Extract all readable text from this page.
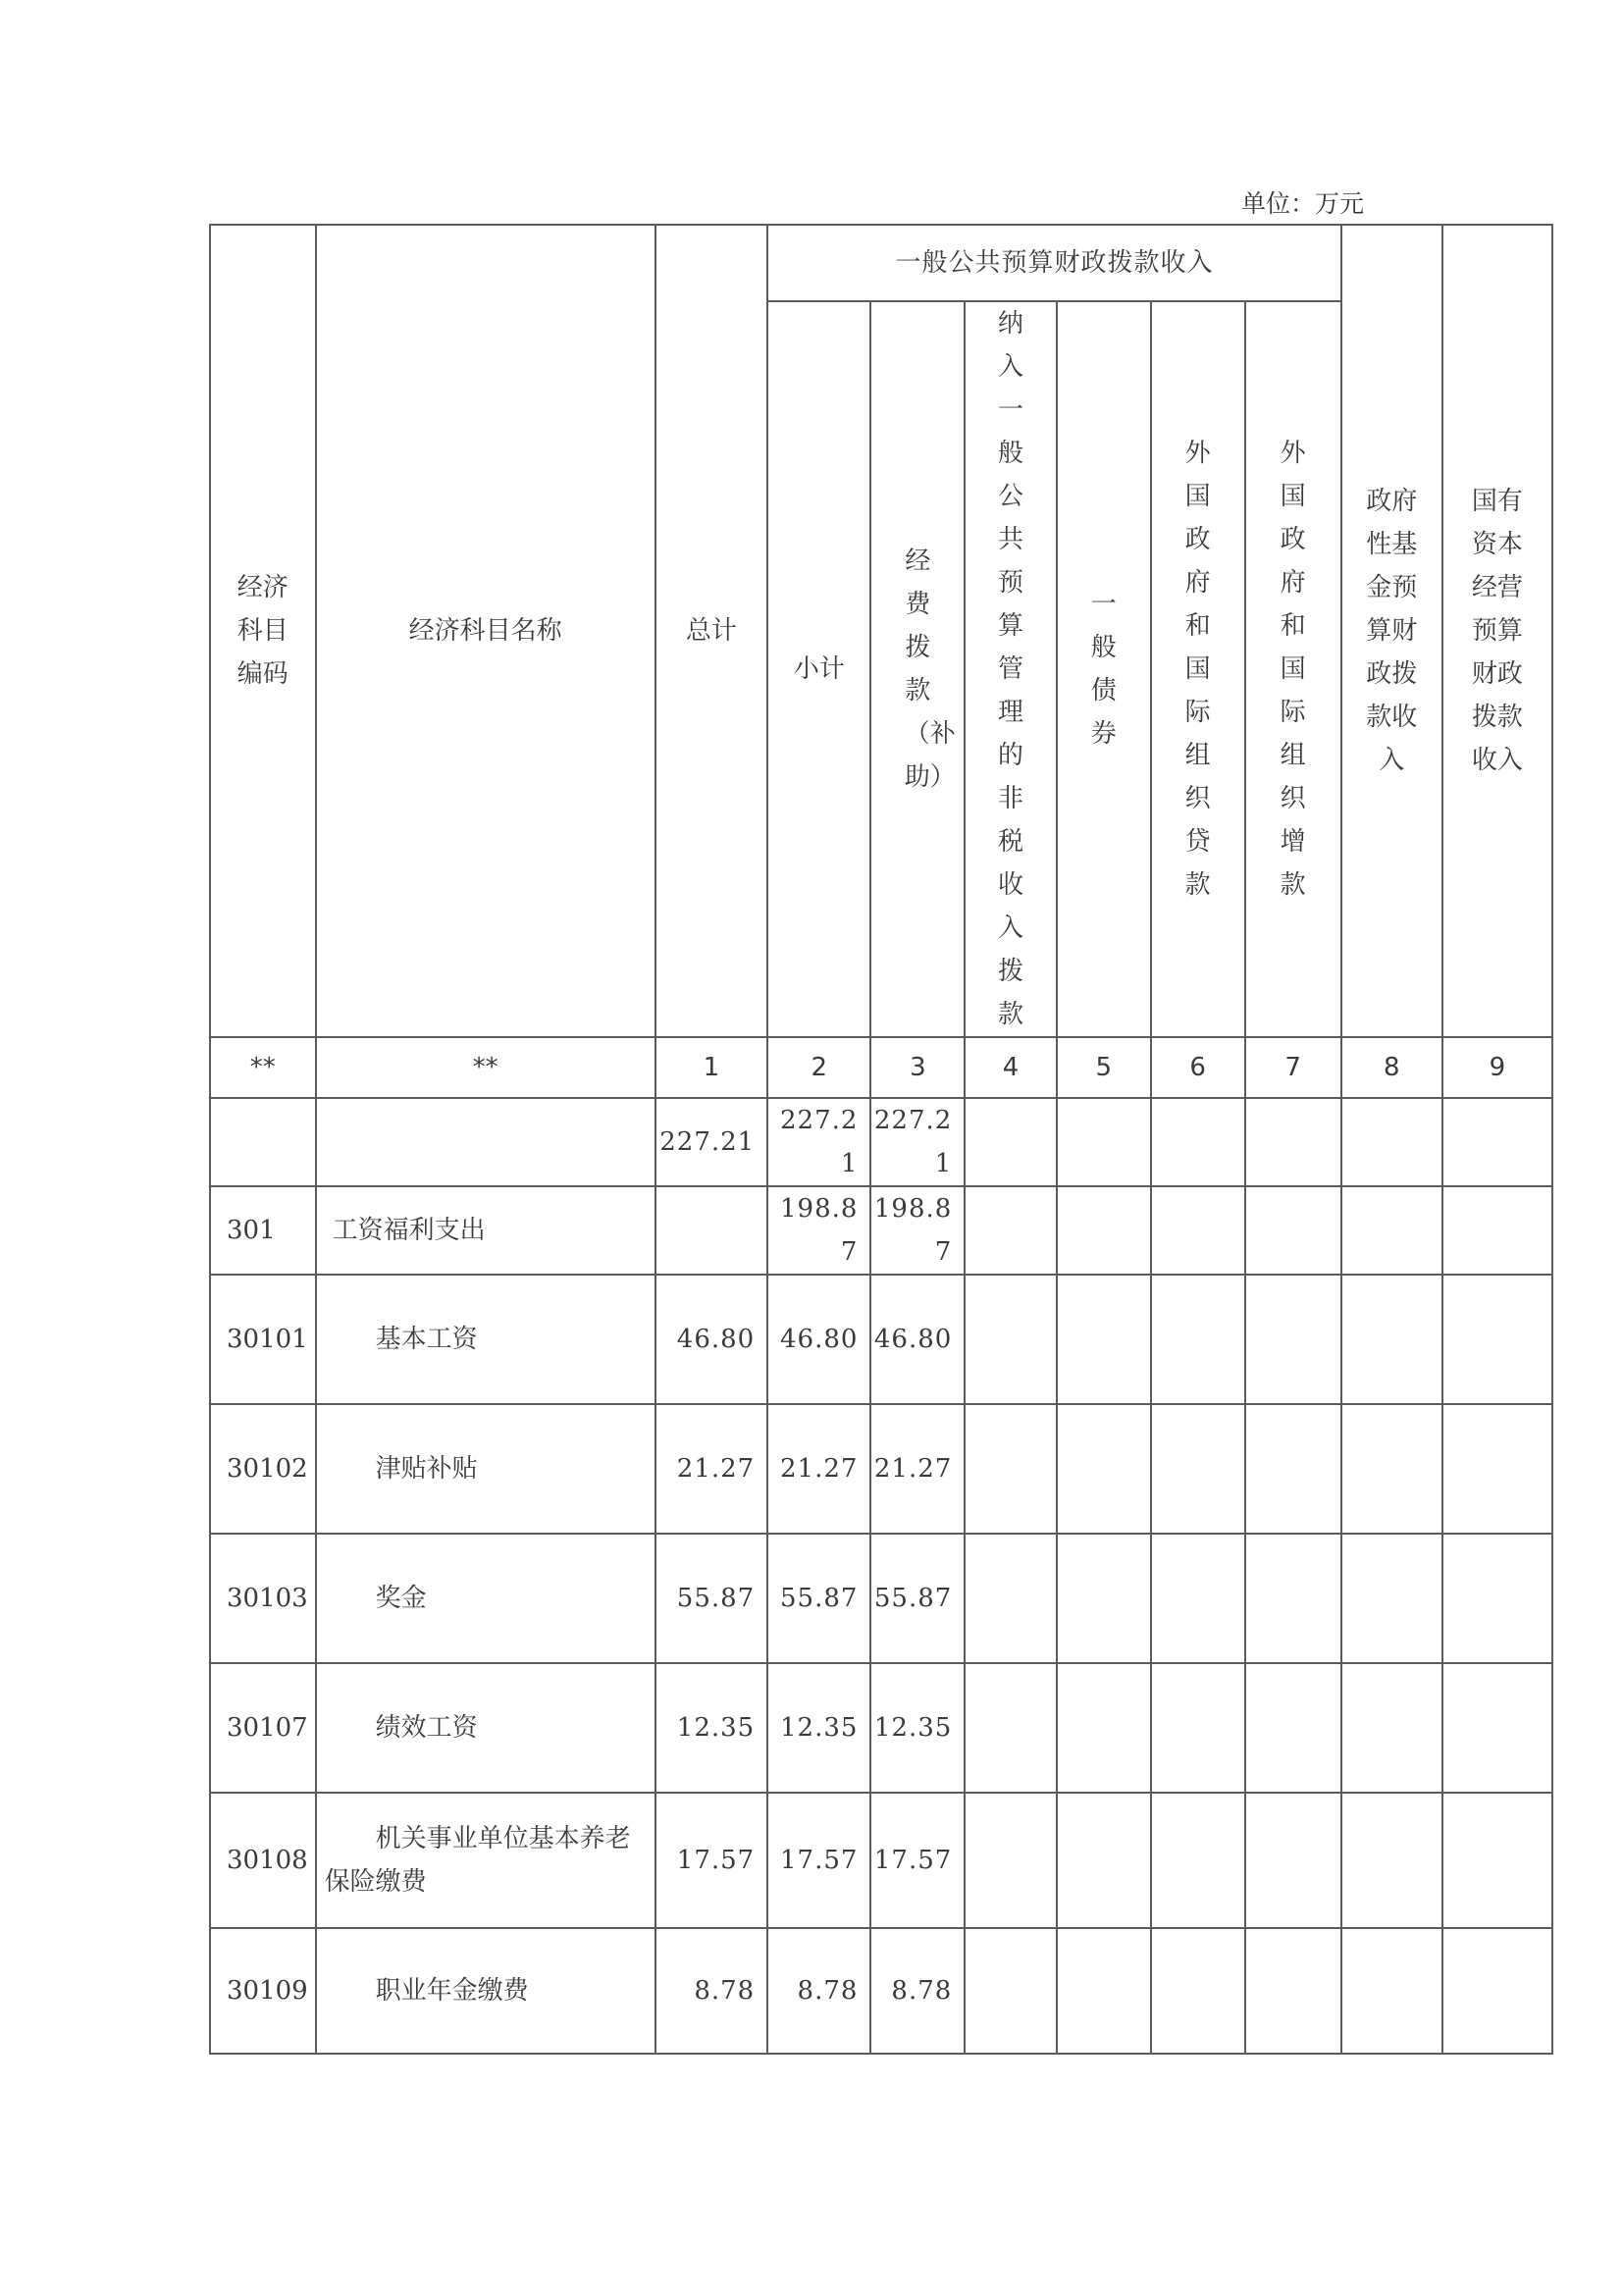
单位：万元
经济科目编码	经济科目名称	总计	一般公共预算财政拨款收入						政府性基金预算财政拨款收入	国有资本经营预算财政拨款收入
			小计	经费拨款（补助）	纳入一般公共预算管理的非税收入拨款	一般债券	外国政府和国际组织贷款	外国政府和国际组织增款		
**	**	1	2	3	4	5	6	7	8	9
		227.21	227.21	227.21						
301	工资福利支出		198.87	198.87						
30101	基本工资	46.80	46.80	46.80						
30102	津贴补贴	21.27	21.27	21.27						
30103	奖金	55.87	55.87	55.87						
30107	绩效工资	12.35	12.35	12.35						
30108	机关事业单位基本养老保险缴费	17.57	17.57	17.57						
30109	职业年金缴费	8.78	8.78	8.78						
